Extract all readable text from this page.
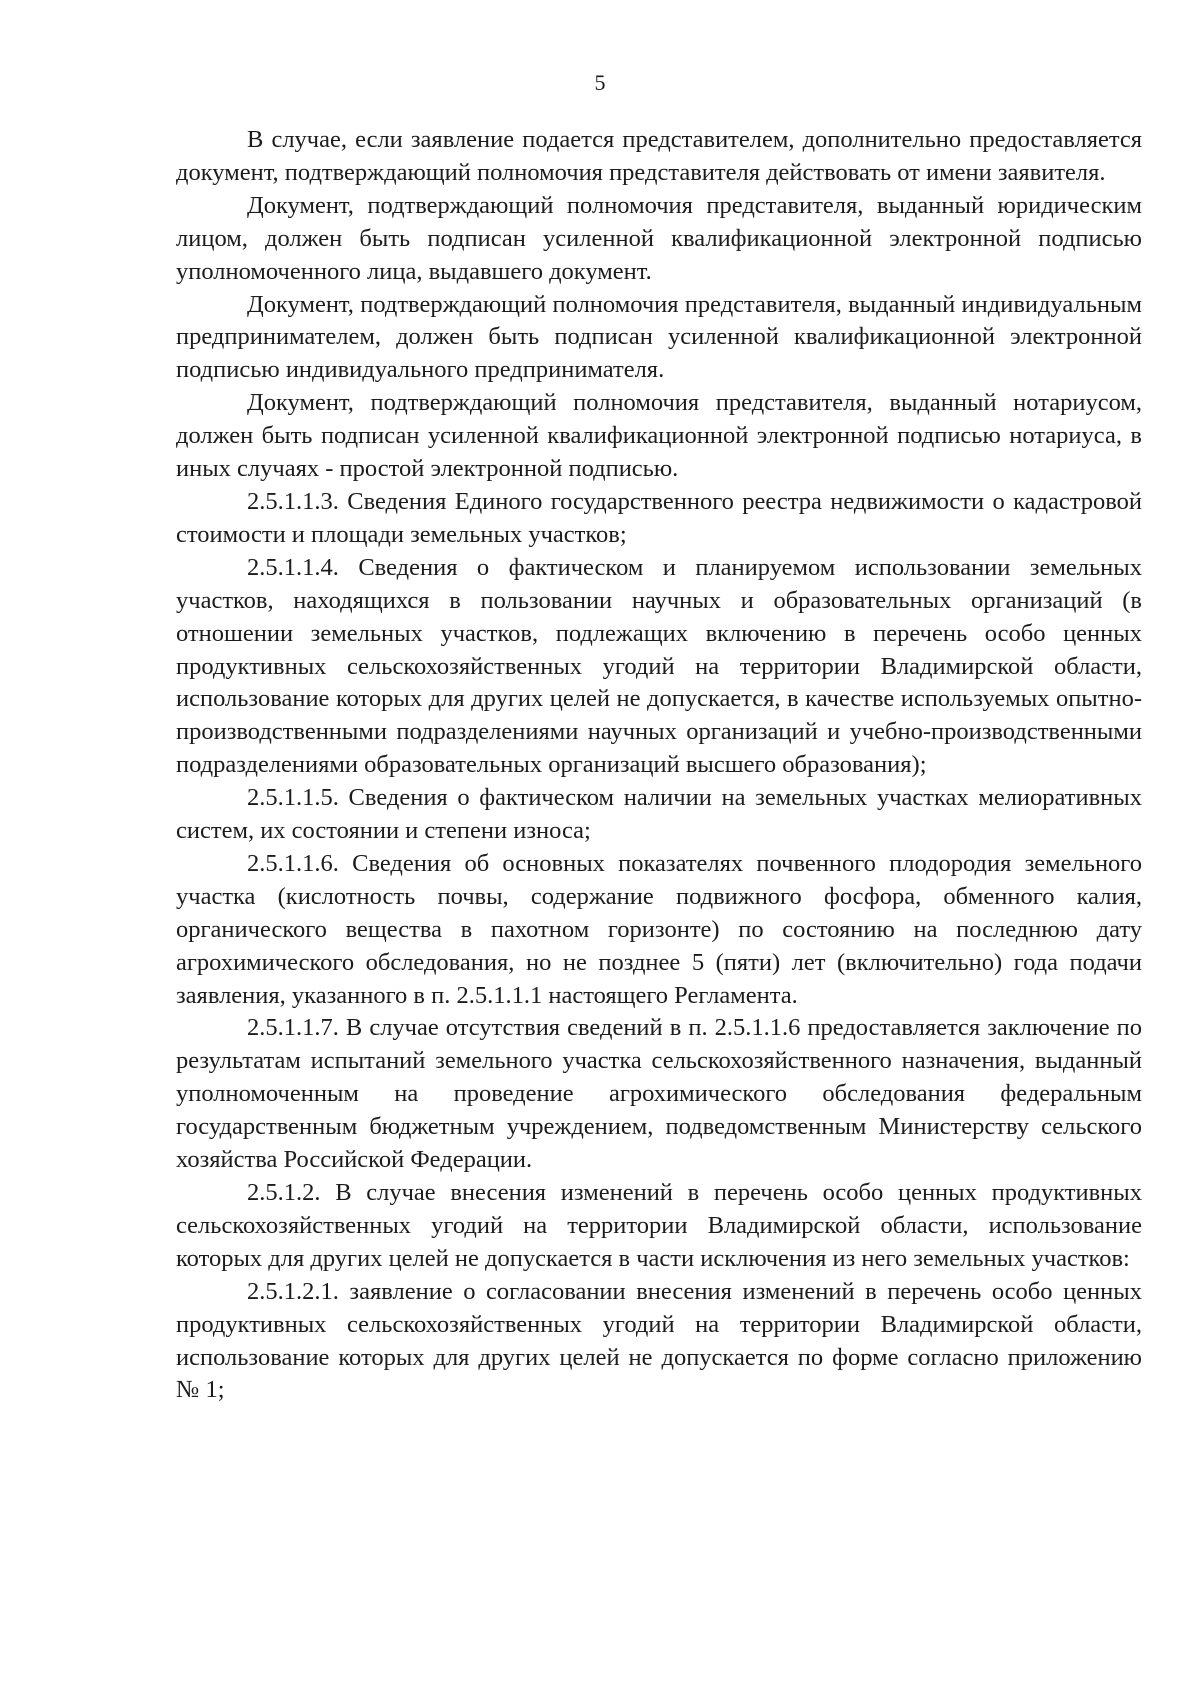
5

В случае, если заявление подается представителем, дополнительно предоставляется документ, подтверждающий полномочия представителя действовать от имени заявителя.

Документ, подтверждающий полномочия представителя, выданный юридическим лицом, должен быть подписан усиленной квалификационной электронной подписью уполномоченного лица, выдавшего документ.

Документ, подтверждающий полномочия представителя, выданный индивидуальным предпринимателем, должен быть подписан усиленной квалификационной электронной подписью индивидуального предпринимателя.

Документ, подтверждающий полномочия представителя, выданный нотариусом, должен быть подписан усиленной квалификационной электронной подписью нотариуса, в иных случаях - простой электронной подписью.

2.5.1.1.3. Сведения Единого государственного реестра недвижимости о кадастровой стоимости и площади земельных участков;

2.5.1.1.4. Сведения о фактическом и планируемом использовании земельных участков, находящихся в пользовании научных и образовательных организаций (в отношении земельных участков, подлежащих включению в перечень особо ценных продуктивных сельскохозяйственных угодий на территории Владимирской области, использование которых для других целей не допускается, в качестве используемых опытно-производственными подразделениями научных организаций и учебно-производственными подразделениями образовательных организаций высшего образования);

2.5.1.1.5. Сведения о фактическом наличии на земельных участках мелиоративных систем, их состоянии и степени износа;

2.5.1.1.6. Сведения об основных показателях почвенного плодородия земельного участка (кислотность почвы, содержание подвижного фосфора, обменного калия, органического вещества в пахотном горизонте) по состоянию на последнюю дату агрохимического обследования, но не позднее 5 (пяти) лет (включительно) года подачи заявления, указанного в п. 2.5.1.1.1 настоящего Регламента.

2.5.1.1.7. В случае отсутствия сведений в п. 2.5.1.1.6 предоставляется заключение по результатам испытаний земельного участка сельскохозяйственного назначения, выданный уполномоченным на проведение агрохимического обследования федеральным государственным бюджетным учреждением, подведомственным Министерству сельского хозяйства Российской Федерации.

2.5.1.2. В случае внесения изменений в перечень особо ценных продуктивных сельскохозяйственных угодий на территории Владимирской области, использование которых для других целей не допускается в части исключения из него земельных участков:

2.5.1.2.1. заявление о согласовании внесения изменений в перечень особо ценных продуктивных сельскохозяйственных угодий на территории Владимирской области, использование которых для других целей не допускается по форме согласно приложению № 1;
